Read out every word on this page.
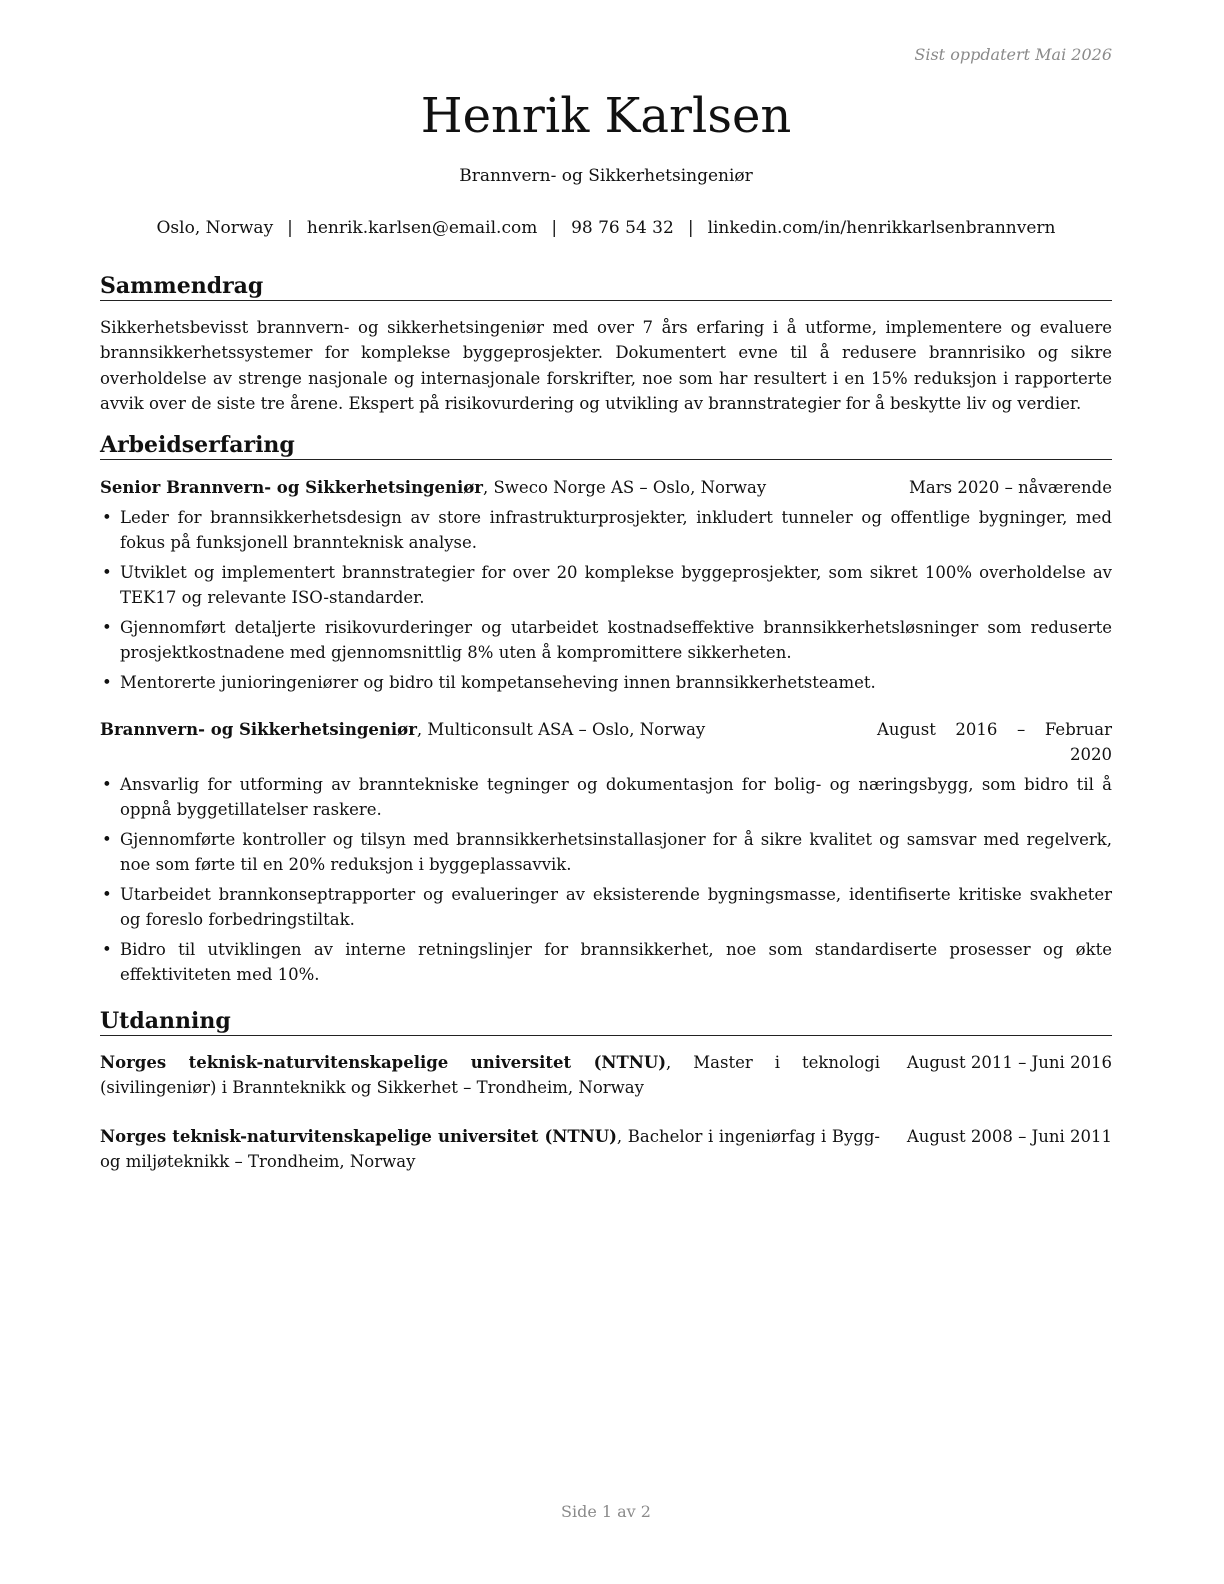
Sist oppdatert Mai 2026
Henrik Karlsen
Brannvern- og Sikkerhetsingeniør
Oslo, Norway | henrik.karlsen@email.com | 98 76 54 32 | linkedin.com/in/henrikkarlsenbrannvern
Sammendrag
Sikkerhetsbevisst brannvern- og sikkerhetsingeniør med over 7 års erfaring i å utforme, implementere og evaluere brannsikkerhetssystemer for komplekse byggeprosjekter. Dokumentert evne til å redusere brannrisiko og sikre overholdelse av strenge nasjonale og internasjonale forskrifter, noe som har resultert i en 15% reduksjon i rapporterte avvik over de siste tre årene. Ekspert på risikovurdering og utvikling av brannstrategier for å beskytte liv og verdier.
Arbeidserfaring
Senior Brannvern- og Sikkerhetsingeniør, Sweco Norge AS – Oslo, Norway	Mars 2020 – nåværende
• Leder for brannsikkerhetsdesign av store infrastrukturprosjekter, inkludert tunneler og offentlige bygninger, med fokus på funksjonell brannteknisk analyse.
• Utviklet og implementert brannstrategier for over 20 komplekse byggeprosjekter, som sikret 100% overholdelse av TEK17 og relevante ISO-standarder.
• Gjennomført detaljerte risikovurderinger og utarbeidet kostnadseffektive brannsikkerhetsløsninger som reduserte prosjektkostnadene med gjennomsnittlig 8% uten å kompromittere sikkerheten.
• Mentorerte junioringeniører og bidro til kompetanseheving innen brannsikkerhetsteamet.
Brannvern- og Sikkerhetsingeniør, Multiconsult ASA – Oslo, Norway	August 2016 – Februar 2020
• Ansvarlig for utforming av branntekniske tegninger og dokumentasjon for bolig- og næringsbygg, som bidro til å oppnå byggetillatelser raskere.
• Gjennomførte kontroller og tilsyn med brannsikkerhetsinstallasjoner for å sikre kvalitet og samsvar med regelverk, noe som førte til en 20% reduksjon i byggeplassavvik.
• Utarbeidet brannkonseptrapporter og evalueringer av eksisterende bygningsmasse, identifiserte kritiske svakheter og foreslo forbedringstiltak.
• Bidro til utviklingen av interne retningslinjer for brannsikkerhet, noe som standardiserte prosesser og økte effektiviteten med 10%.
Utdanning
Norges teknisk-naturvitenskapelige universitet (NTNU), Master i teknologi (sivilingeniør) i Brannteknikk og Sikkerhet – Trondheim, Norway
August 2011 – Juni 2016
Norges teknisk-naturvitenskapelige universitet (NTNU), Bachelor i ingeniørfag i Bygg- og miljøteknikk – Trondheim, Norway
August 2008 – Juni 2011
Side 1 av 2
